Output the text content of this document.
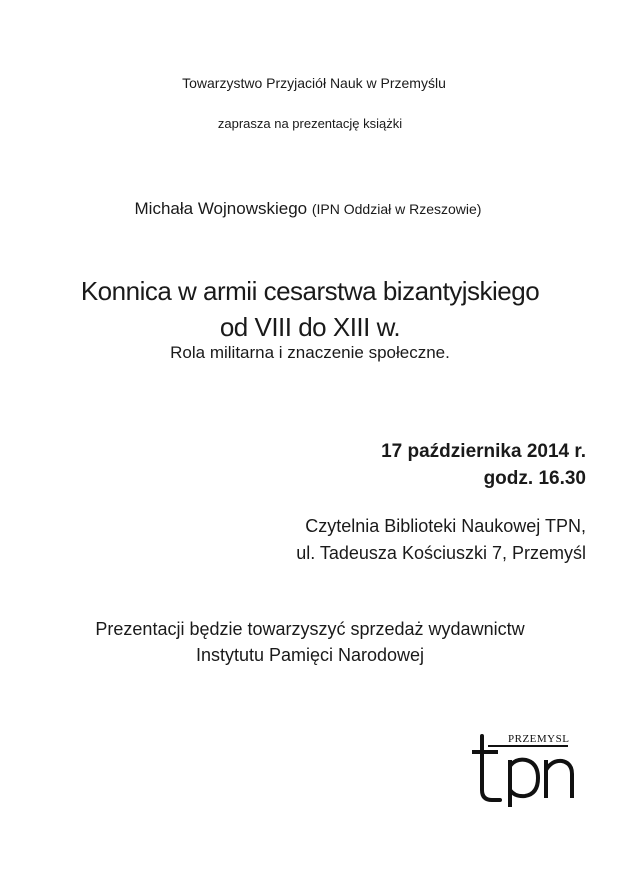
Towarzystwo Przyjaciół Nauk w Przemyślu
zaprasza na prezentację książki
Michała Wojnowskiego (IPN Oddział w Rzeszowie)
Konnica w armii cesarstwa bizantyjskiego
od VIII do XIII w.
Rola militarna i znaczenie społeczne.
17 października 2014 r.
godz. 16.30
Czytelnia Biblioteki Naukowej TPN,
ul. Tadeusza Kościuszki 7, Przemyśl
Prezentacji będzie towarzyszyć sprzedaż wydawnictw
Instytutu Pamięci Narodowej
PRZEMYSL
